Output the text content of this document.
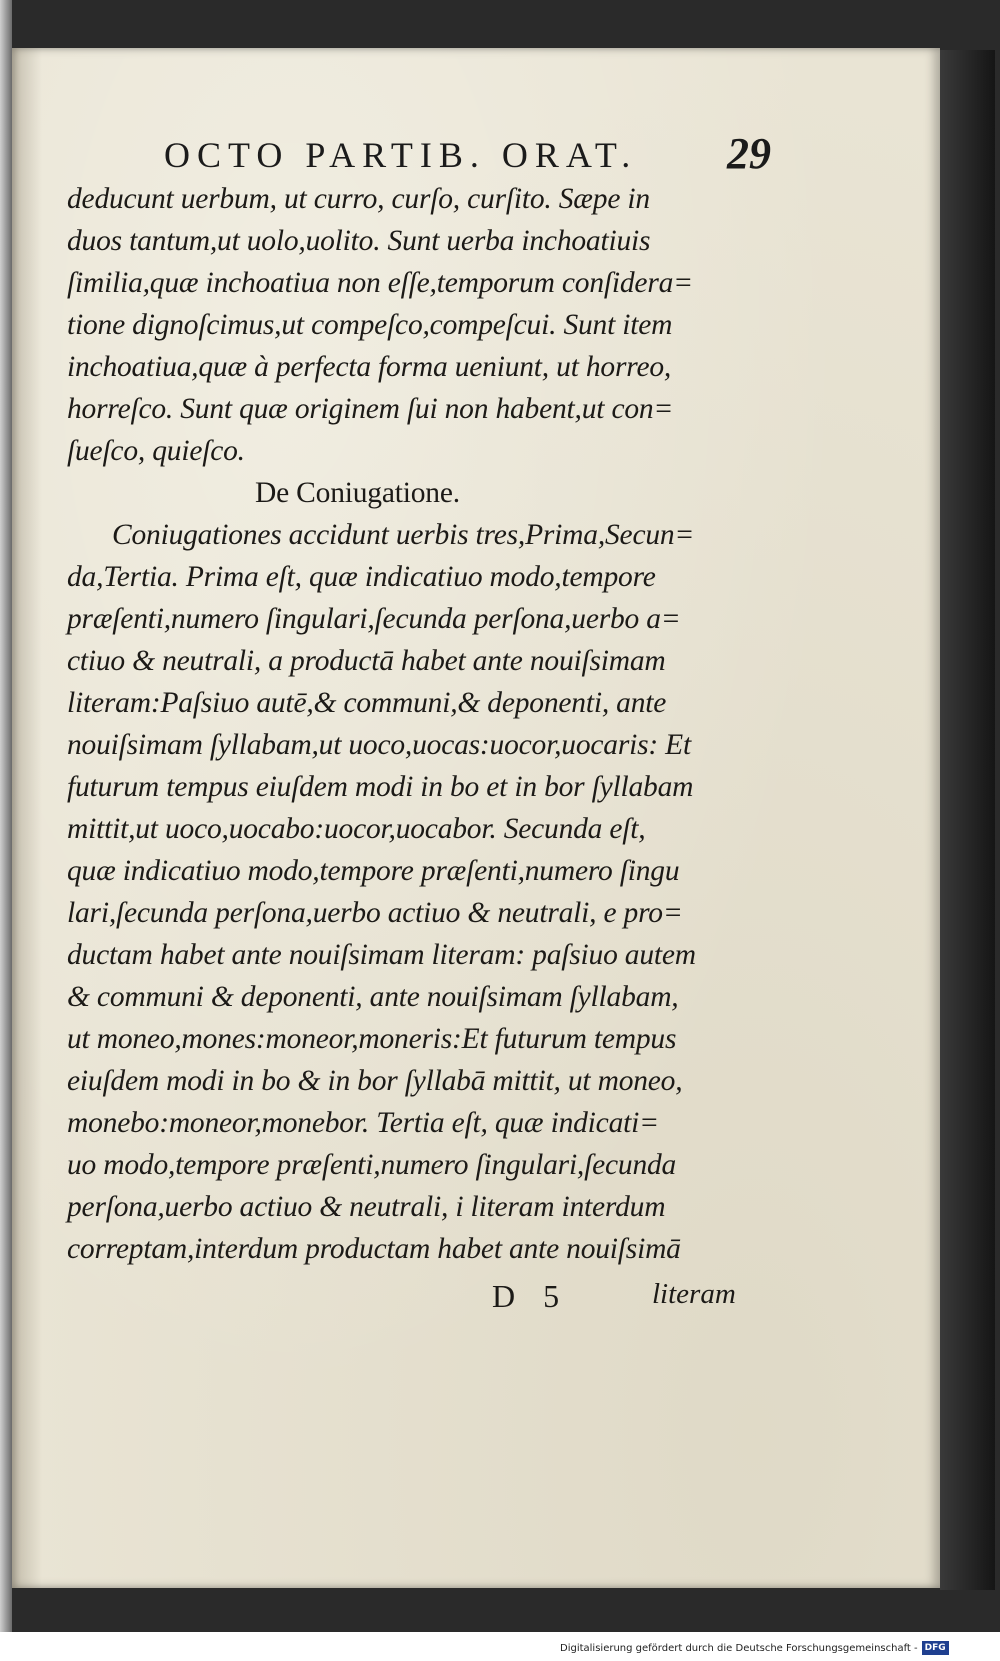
OCTO PARTIB. ORAT. 29
deducunt uerbum, ut curro, curſo, curſito. Sæpe in
duos tantum,ut uolo,uolito. Sunt uerba inchoatiuis
ſimilia,quæ inchoatiua non eſſe,temporum conſidera=
tione dignoſcimus,ut compeſco,compeſcui. Sunt item
inchoatiua,quæ à perfecta forma ueniunt, ut horreo,
horreſco. Sunt quæ originem ſui non habent,ut con=
ſueſco, quieſco.
De Coniugatione.
Coniugationes accidunt uerbis tres,Prima,Secun=
da,Tertia. Prima eſt, quæ indicatiuo modo,tempore
præſenti,numero ſingulari,ſecunda perſona,uerbo a=
ctiuo & neutrali, a productā habet ante nouiſsimam
literam:Paſsiuo autē,& communi,& deponenti, ante
nouiſsimam ſyllabam,ut uoco,uocas:uocor,uocaris: Et
futurum tempus eiuſdem modi in bo et in bor ſyllabam
mittit,ut uoco,uocabo:uocor,uocabor. Secunda eſt,
quæ indicatiuo modo,tempore præſenti,numero ſingu
lari,ſecunda perſona,uerbo actiuo & neutrali, e pro=
ductam habet ante nouiſsimam literam: paſsiuo autem
& communi & deponenti, ante nouiſsimam ſyllabam,
ut moneo,mones:moneor,moneris:Et futurum tempus
eiuſdem modi in bo & in bor ſyllabā mittit, ut moneo,
monebo:moneor,monebor. Tertia eſt, quæ indicati=
uo modo,tempore præſenti,numero ſingulari,ſecunda
perſona,uerbo actiuo & neutrali, i literam interdum
correptam,interdum productam habet ante nouiſsimā
D 5	literam
Digitalisierung gefördert durch die Deutsche Forschungsgemeinschaft - DFG
